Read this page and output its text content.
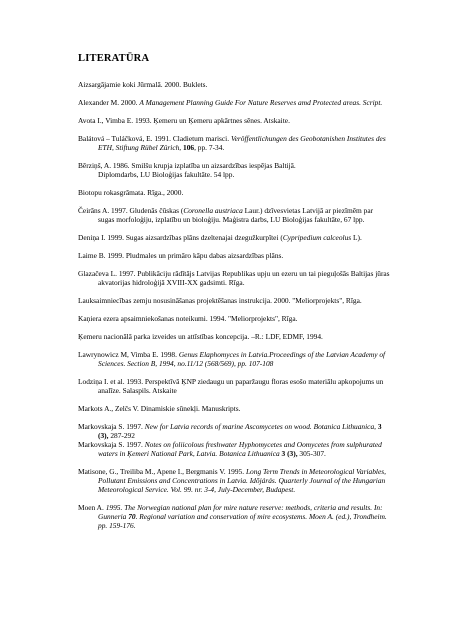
LITERATŪRA

Aizsargājamie koki Jūrmalā. 2000. Buklets.

Alexander M. 2000. A Management Planning Guide For Nature Reserves amd Protected areas. Script.

Avota I., Vimba E. 1993. Ķemeru un Ķemeru apkārtnes sēnes. Atskaite.

Balátová – Tuláčková, E. 1991. Cladietum marisci. Veröffentlichungen des Geobotanishen Institutes des
ETH, Stiftung Rübel Zürich, 106, pp. 7-34.

Bērziņš, A. 1986. Smilšu krupja izplatība un aizsardzības iespējas Baltijā.
Diplomdarbs, LU Bioloģijas fakultāte. 54 lpp.

Biotopu rokasgrāmata. Rīga., 2000.

Čeirāns A. 1997. Gludenās čūskas (Coronella austriaca Laur.) dzīvesvietas Latvijā ar piezīmēm par
sugas morfoloģiju, izplatību un bioloģiju. Maģistra darbs, LU Bioloģijas fakultāte, 67 lpp.

Deniņa I. 1999. Sugas aizsardzības plāns dzeltenajai dzegužkurpītei (Cypripedium calceolus L).

Laime B. 1999. Pludmales un primāro kāpu dabas aizsardzības plāns.

Glazačeva L. 1997. Publikāciju rādītājs Latvijas Republikas upju un ezeru un tai pieguļošās Baltijas jūras
akvatorijas hidroloģijā XVIII-XX gadsimti. Rīga.

Lauksaimniecības zemju nosusināšanas projektēšanas instrukcija. 2000. "Meliorprojekts", Rīga.

Kaņiera ezera apsaimniekošanas noteikumi. 1994. "Meliorprojekts", Rīga.

Ķemeru nacionālā parka izveides un attīstības koncepcija. –R.: LDF, EDMF, 1994.

Lawrynowicz M, Vimba E. 1998. Genus Elaphomyces in Latvia.Proceedings of the Latvian Academy of
Sciences. Section B, 1994, no.11/12 (568/569), pp. 107-108

Lodziņa I. et al. 1993. Perspektīvā ĶNP ziedaugu un paparžaugu floras esošo materiālu apkopojums un
analīze. Salaspils. Atskaite

Markots A., Zelčs V. Dinamiskie sūnekļi. Manuskripts.

Markovskaja S. 1997. New for Latvia records of marine Ascomycetes on wood. Botanica Lithuanica, 3
(3), 287-292

Markovskaja S. 1997. Notes on foliicolous freshwater Hyphomycetes and Oomycetes from sulphurated
waters in Ķemeri National Park, Latvia. Botanica Lithuanica 3 (3), 305-307.

Matisone, G., Treiliba M., Apene I., Bergmanis V. 1995. Long Term Trends in Meteorological Variables,
Pollutant Emissions and Concentrations in Latvia. Idōjárás. Quarterly Journal of the Hungarian
Meteorological Service. Vol. 99. nr. 3-4, July-December, Budapest.

Moen A. 1995. The Norwegian national plan for mire nature reserve: methods, criteria and results. In:
Gunneria 70. Regional variation and conservation of mire ecosystems. Moen A. (ed.), Trondheim.
pp. 159-176.
